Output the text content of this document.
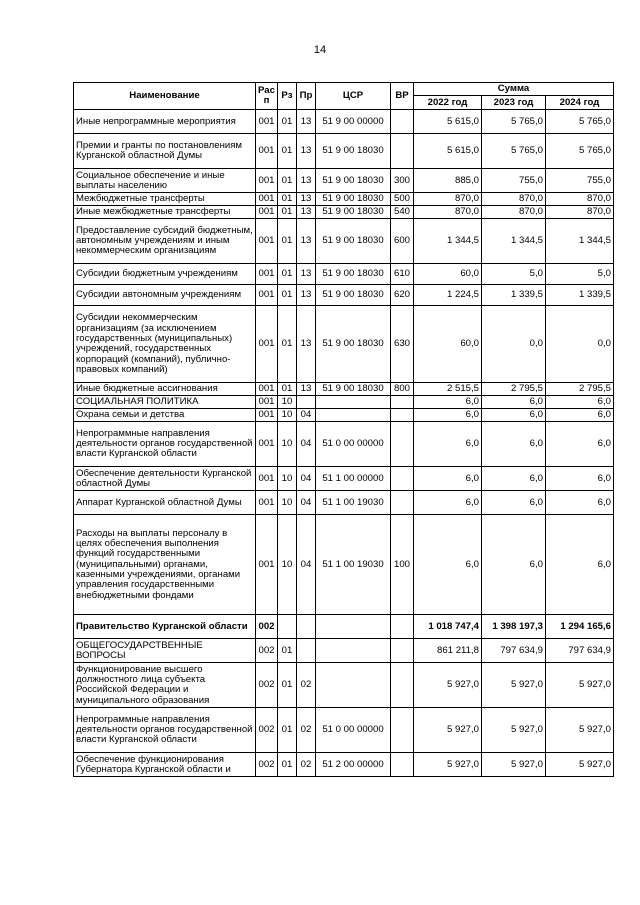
14
Наименование	Рас п	Рз	Пр	ЦСР	ВР	Сумма		
						2022 год	2023 год	2024 год
Иные непрограммные мероприятия	001	01	13	51 9 00 00000		5 615,0	5 765,0	5 765,0
Премии и гранты по постановлениям Курганской областной Думы	001	01	13	51 9 00 18030		5 615,0	5 765,0	5 765,0
Социальное обеспечение и иные выплаты населению	001	01	13	51 9 00 18030	300	885,0	755,0	755,0
Межбюджетные трансферты	001	01	13	51 9 00 18030	500	870,0	870,0	870,0
Иные межбюджетные трансферты	001	01	13	51 9 00 18030	540	870,0	870,0	870,0
Предоставление субсидий бюджетным, автономным учреждениям и иным некоммерческим организациям	001	01	13	51 9 00 18030	600	1 344,5	1 344,5	1 344,5
Субсидии бюджетным учреждениям	001	01	13	51 9 00 18030	610	60,0	5,0	5,0
Субсидии автономным учреждениям	001	01	13	51 9 00 18030	620	1 224,5	1 339,5	1 339,5
Субсидии некоммерческим организациям (за исключением государственных (муниципальных) учреждений, государственных корпораций (компаний), публично-правовых компаний)	001	01	13	51 9 00 18030	630	60,0	0,0	0,0
Иные бюджетные ассигнования	001	01	13	51 9 00 18030	800	2 515,5	2 795,5	2 795,5
СОЦИАЛЬНАЯ ПОЛИТИКА	001	10				6,0	6,0	6,0
Охрана семьи и детства	001	10	04			6,0	6,0	6,0
Непрограммные направления деятельности органов государственной власти Курганской области	001	10	04	51 0 00 00000		6,0	6,0	6,0
Обеспечение деятельности Курганской областной Думы	001	10	04	51 1 00 00000		6,0	6,0	6,0
Аппарат Курганской областной Думы	001	10	04	51 1 00 19030		6,0	6,0	6,0
Расходы на выплаты персоналу в целях обеспечения выполнения функций государственными (муниципальными) органами, казенными учреждениями, органами управления государственными внебюджетными фондами	001	10	04	51 1 00 19030	100	6,0	6,0	6,0
Правительство Курганской области	002					1 018 747,4	1 398 197,3	1 294 165,6
ОБЩЕГОСУДАРСТВЕННЫЕ ВОПРОСЫ	002	01				861 211,8	797 634,9	797 634,9
Функционирование высшего должностного лица субъекта Российской Федерации и муниципального образования	002	01	02			5 927,0	5 927,0	5 927,0
Непрограммные направления деятельности органов государственной власти Курганской области	002	01	02	51 0 00 00000		5 927,0	5 927,0	5 927,0
Обеспечение функционирования Губернатора Курганской области и	002	01	02	51 2 00 00000		5 927,0	5 927,0	5 927,0
